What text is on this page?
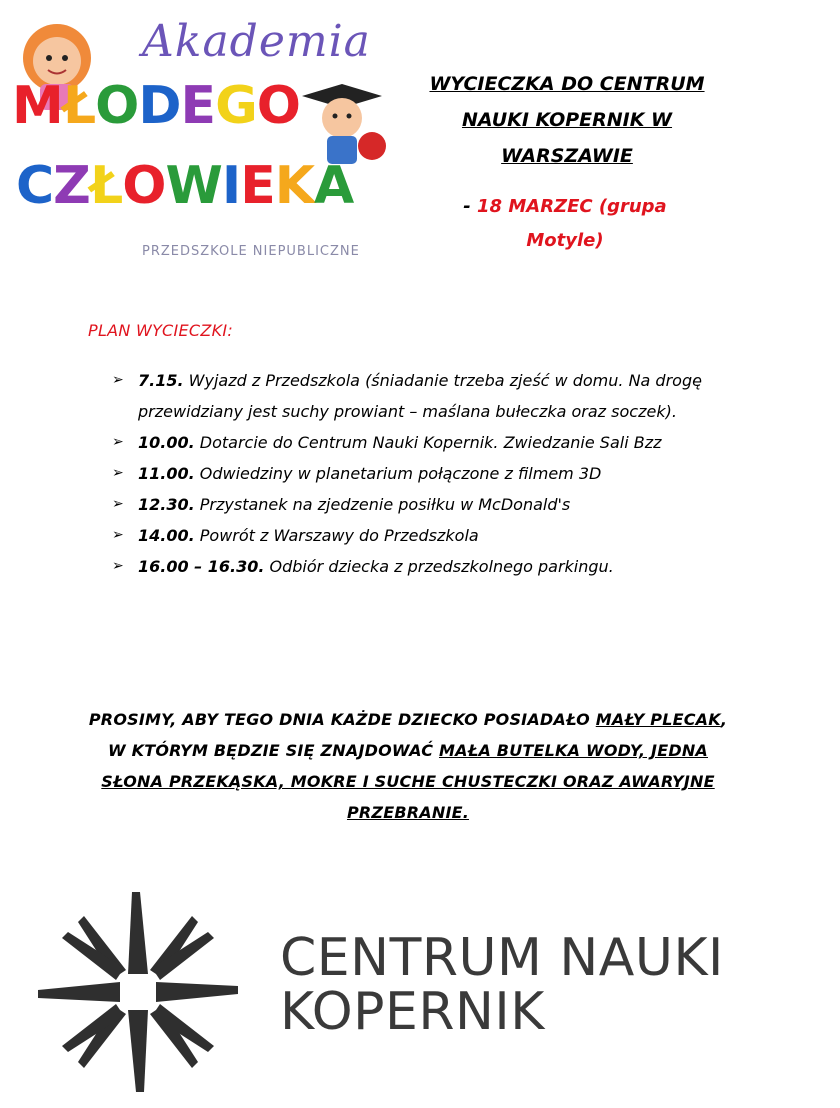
Akademia
MŁODEGO
CZŁOWIEKA
PRZEDSZKOLE NIEPUBLICZNE
WYCIECZKA DO CENTRUM
NAUKI KOPERNIK W
WARSZAWIE
- 18 MARZEC (grupa
Motyle)
PLAN WYCIECZKI:
➢ 7.15. Wyjazd z Przedszkola (śniadanie trzeba zjeść w domu. Na drogę przewidziany jest suchy prowiant – maślana bułeczka oraz soczek).
➢ 10.00. Dotarcie do Centrum Nauki Kopernik. Zwiedzanie Sali Bzz
➢ 11.00. Odwiedziny w planetarium połączone z filmem 3D
➢ 12.30. Przystanek na zjedzenie posiłku w McDonald's
➢ 14.00. Powrót z Warszawy do Przedszkola
➢ 16.00 – 16.30. Odbiór dziecka z przedszkolnego parkingu.
PROSIMY, ABY TEGO DNIA KAŻDE DZIECKO POSIADAŁO MAŁY PLECAK, W KTÓRYM BĘDZIE SIĘ ZNAJDOWAĆ MAŁA BUTELKA WODY, JEDNA SŁONA PRZEKĄSKA, MOKRE I SUCHE CHUSTECZKI ORAZ AWARYJNE PRZEBRANIE.
CENTRUM NAUKI
KOPERNIK
